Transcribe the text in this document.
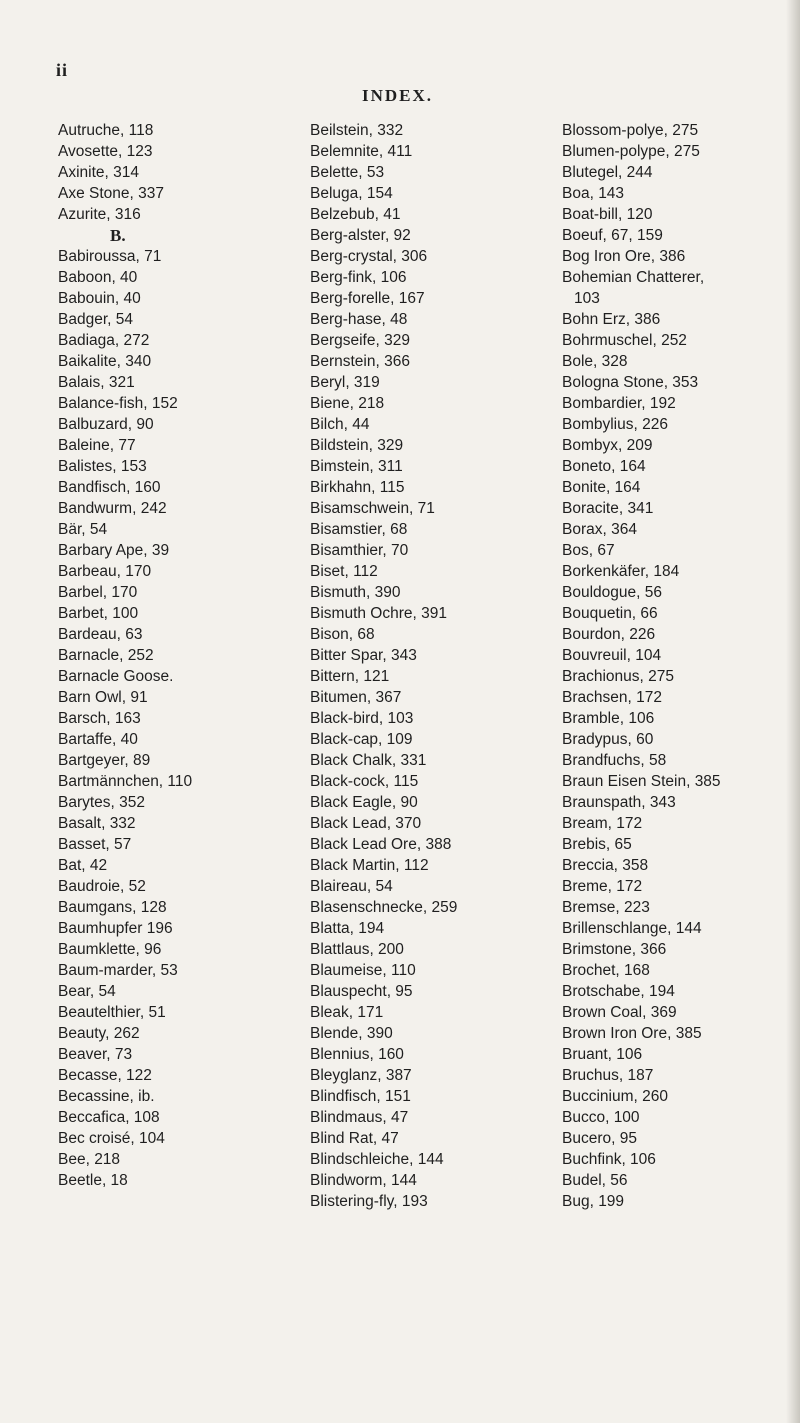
ii
INDEX.
Autruche, 118
Avosette, 123
Axinite, 314
Axe Stone, 337
Azurite, 316
B.
Babiroussa, 71
Baboon, 40
Babouin, 40
Badger, 54
Badiaga, 272
Baikalite, 340
Balais, 321
Balance-fish, 152
Balbuzard, 90
Baleine, 77
Balistes, 153
Bandfisch, 160
Bandwurm, 242
Bär, 54
Barbary Ape, 39
Barbeau, 170
Barbel, 170
Barbet, 100
Bardeau, 63
Barnacle, 252
Barnacle Goose.
Barn Owl, 91
Barsch, 163
Bartaffe, 40
Bartgeyer, 89
Bartmännchen, 110
Barytes, 352
Basalt, 332
Basset, 57
Bat, 42
Baudroie, 52
Baumgans, 128
Baumhupfer 196
Baumklette, 96
Baum-marder, 53
Bear, 54
Beautelthier, 51
Beauty, 262
Beaver, 73
Becasse, 122
Becassine, ib.
Beccafica, 108
Bec croisé, 104
Bee, 218
Beetle, 18
Beilstein, 332
Belemnite, 411
Belette, 53
Beluga, 154
Belzebub, 41
Berg-alster, 92
Berg-crystal, 306
Berg-fink, 106
Berg-forelle, 167
Berg-hase, 48
Bergseife, 329
Bernstein, 366
Beryl, 319
Biene, 218
Bilch, 44
Bildstein, 329
Bimstein, 311
Birkhahn, 115
Bisamschwein, 71
Bisamstier, 68
Bisamthier, 70
Biset, 112
Bismuth, 390
Bismuth Ochre, 391
Bison, 68
Bitter Spar, 343
Bittern, 121
Bitumen, 367
Black-bird, 103
Black-cap, 109
Black Chalk, 331
Black-cock, 115
Black Eagle, 90
Black Lead, 370
Black Lead Ore, 388
Black Martin, 112
Blaireau, 54
Blasenschnecke, 259
Blatta, 194
Blattlaus, 200
Blaumeise, 110
Blauspecht, 95
Bleak, 171
Blende, 390
Blennius, 160
Bleyglanz, 387
Blindfisch, 151
Blindmaus, 47
Blind Rat, 47
Blindschleiche, 144
Blindworm, 144
Blistering-fly, 193
Blossom-polye, 275
Blumen-polype, 275
Blutegel, 244
Boa, 143
Boat-bill, 120
Boeuf, 67, 159
Bog Iron Ore, 386
Bohemian Chatterer,
103
Bohn Erz, 386
Bohrmuschel, 252
Bole, 328
Bologna Stone, 353
Bombardier, 192
Bombylius, 226
Bombyx, 209
Boneto, 164
Bonite, 164
Boracite, 341
Borax, 364
Bos, 67
Borkenkäfer, 184
Bouldogue, 56
Bouquetin, 66
Bourdon, 226
Bouvreuil, 104
Brachionus, 275
Brachsen, 172
Bramble, 106
Bradypus, 60
Brandfuchs, 58
Braun Eisen Stein, 385
Braunspath, 343
Bream, 172
Brebis, 65
Breccia, 358
Breme, 172
Bremse, 223
Brillenschlange, 144
Brimstone, 366
Brochet, 168
Brotschabe, 194
Brown Coal, 369
Brown Iron Ore, 385
Bruant, 106
Bruchus, 187
Buccinium, 260
Bucco, 100
Bucero, 95
Buchfink, 106
Budel, 56
Bug, 199
